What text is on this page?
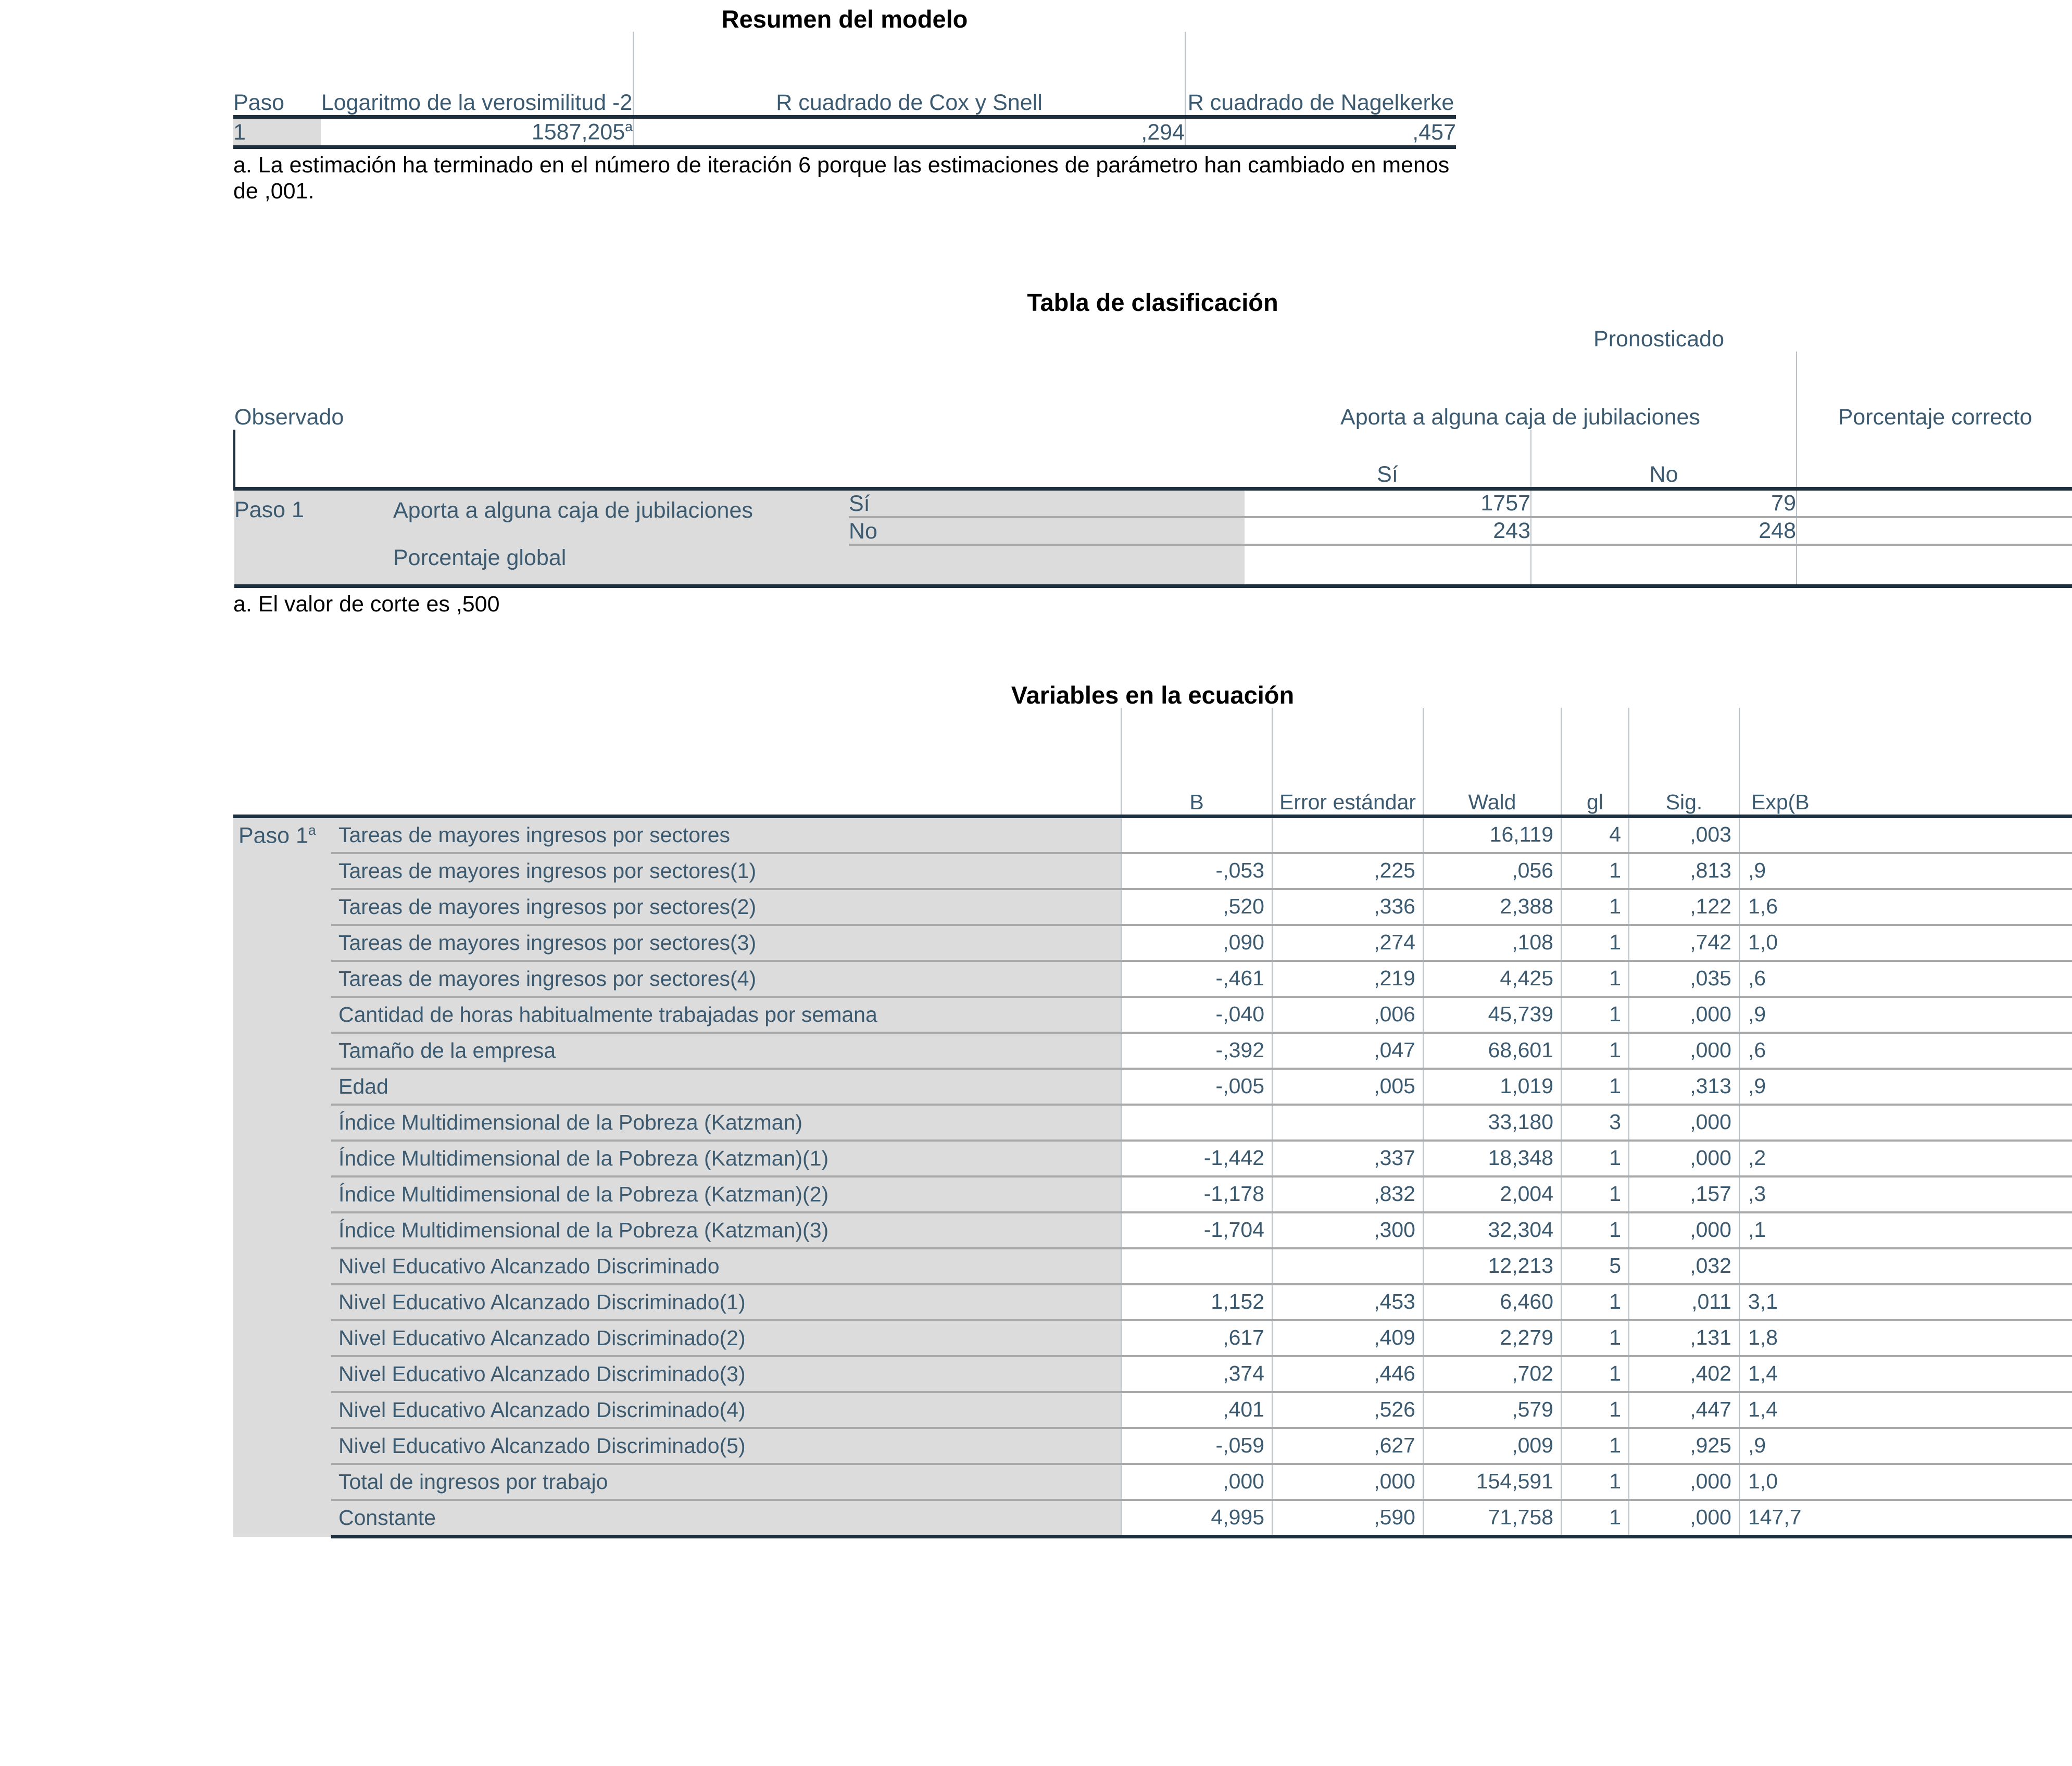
Resumen del modelo
Paso	Logaritmo de la verosimilitud -2	R cuadrado de Cox y Snell	R cuadrado de Nagelkerke
1	1587,205$^a$	,294	,457
a. La estimación ha terminado en el número de iteración 6 porque las estimaciones de parámetro han cambiado en menos de ,001.
Tabla de clasificación
			Pronosticado		
Observado			Aporta a alguna caja de jubilaciones		Porcentaje correcto
			Sí	No	
Paso 1	Aporta a alguna caja de jubilaciones	Sí	1757	79	
		No	243	248	
	Porcentaje global				
a. El valor de corte es ,500
Variables en la ecuación
		B	Error estándar	Wald	gl	Sig.	Exp(B
Paso 1$^a$	Tareas de mayores ingresos por sectores			16,119	4	,003	
	Tareas de mayores ingresos por sectores(1)	-,053	,225	,056	1	,813	,9
	Tareas de mayores ingresos por sectores(2)	,520	,336	2,388	1	,122	1,6
	Tareas de mayores ingresos por sectores(3)	,090	,274	,108	1	,742	1,0
	Tareas de mayores ingresos por sectores(4)	-,461	,219	4,425	1	,035	,6
	Cantidad de horas habitualmente trabajadas por semana	-,040	,006	45,739	1	,000	,9
	Tamaño de la empresa	-,392	,047	68,601	1	,000	,6
	Edad	-,005	,005	1,019	1	,313	,9
	Índice Multidimensional de la Pobreza (Katzman)			33,180	3	,000	
	Índice Multidimensional de la Pobreza (Katzman)(1)	-1,442	,337	18,348	1	,000	,2
	Índice Multidimensional de la Pobreza (Katzman)(2)	-1,178	,832	2,004	1	,157	,3
	Índice Multidimensional de la Pobreza (Katzman)(3)	-1,704	,300	32,304	1	,000	,1
	Nivel Educativo Alcanzado Discriminado			12,213	5	,032	
	Nivel Educativo Alcanzado Discriminado(1)	1,152	,453	6,460	1	,011	3,1
	Nivel Educativo Alcanzado Discriminado(2)	,617	,409	2,279	1	,131	1,8
	Nivel Educativo Alcanzado Discriminado(3)	,374	,446	,702	1	,402	1,4
	Nivel Educativo Alcanzado Discriminado(4)	,401	,526	,579	1	,447	1,4
	Nivel Educativo Alcanzado Discriminado(5)	-,059	,627	,009	1	,925	,9
	Total de ingresos por trabajo	,000	,000	154,591	1	,000	1,0
	Constante	4,995	,590	71,758	1	,000	147,7
